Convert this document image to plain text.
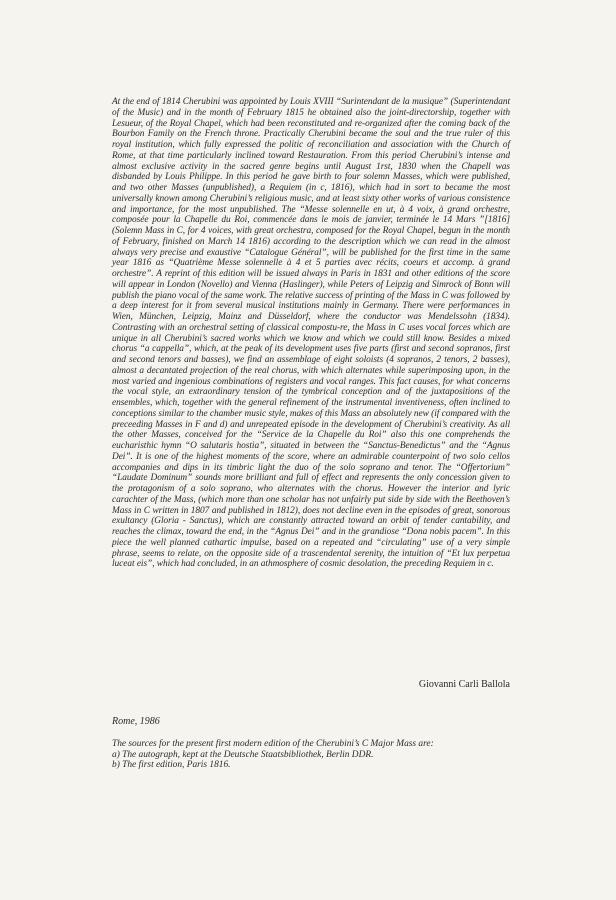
At the end of 1814 Cherubini was appointed by Louis XVIII “Surintendant de la musique” (Superintendant of the Music) and in the month of February 1815 he obtained also the joint-directorship, together with Lesueur, of the Royal Chapel, which had been reconstituted and re-organized after the coming back of the Bourbon Family on the French throne. Practically Cherubini became the soul and the true ruler of this royal institution, which fully expressed the politic of reconciliation and association with the Church of Rome, at that time particularly inclined toward Restauration. From this period Cherubini’s intense and almost exclusive activity in the sacred genre begins until August 1rst, 1830 when the Chapell was disbanded by Louis Philippe. In this period he gave birth to four solemn Masses, which were published, and two other Masses (unpublished), a Requiem (in c, 1816), which had in sort to became the most universally known among Cherubini’s religious music, and at least sixty other works of various consistence and importance, for the most unpublished. The “Messe solennelle en ut, à 4 voix, à grand orchestre, composée pour la Chapelle du Roi, commencée dans le mois de janvier, terminée le 14 Mars ”[1816] (Solemn Mass in C, for 4 voices, with great orchestra, composed for the Royal Chapel, begun in the month of February, finished on March 14 1816) according to the description which we can read in the almost always very precise and exaustive “Catalogue Général”, will be published for the first time in the same year 1816 as “Quatrième Messe solennelle à 4 et 5 parties avec récits, coeurs et accomp. à grand orchestre”. A reprint of this edition will be issued always in Paris in 1831 and other editions of the score will appear in London (Novello) and Vienna (Haslinger), while Peters of Leipzig and Simrock of Bonn will publish the piano vocal of the same work. The relative success of printing of the Mass in C was followed by a deep interest for it from several musical institutions mainly in Germany. There were performances in Wien, München, Leipzig, Mainz and Düsseldorf, where the conductor was Mendelssohn (1834). Contrasting with an orchestral setting of classical compostu-re, the Mass in C uses vocal forces which are unique in all Cherubini’s sacred works which we know and which we could still know. Besides a mixed chorus “a cappella”, which, at the peak of its development uses five parts (first and second sopranos, first and second tenors and basses), we find an assemblage of eight soloists (4 sopranos, 2 tenors, 2 basses), almost a decantated projection of the real chorus, with which alternates while superimposing upon, in the most varied and ingenious combinations of registers and vocal ranges. This fact causes, for what concerns the vocal style, an extraordinary tension of the tymbrical conception and of the juxtapositions of the ensembles, which, together with the general refinement of the instrumental inventiveness, often inclined to conceptions similar to the chamber music style, makes of this Mass an absolutely new (if compared with the preceeding Masses in F and d) and unrepeated episode in the development of Cherubini’s creativity. As all the other Masses, conceived for the “Service de la Chapelle du Roi” also this one comprehends the eucharisthic hymn “O salutaris hostia”, situated in between the “Sanctus-Benedictus” and the “Agnus Dei”. It is one of the highest moments of the score, where an admirable counterpoint of two solo cellos accompanies and dips in its timbric light the duo of the solo soprano and tenor. The “Offertorium” “Laudate Dominum” sounds more brilliant and full of effect and represents the only concession given to the protagonism of a solo soprano, who alternates with the chorus. However the interior and lyric carachter of the Mass, (which more than one scholar has not unfairly put side by side with the Beethoven’s Mass in C written in 1807 and published in 1812), does not decline even in the episodes of great, sonorous exultancy (Gloria - Sanctus), which are constantly attracted toward an orbit of tender cantability, and reaches the climax, toward the end, in the “Agnus Dei” and in the grandiose “Dona nobis pacem”. In this piece the well planned cathartic impulse, based on a repeated and “circulating” use of a very simple phrase, seems to relate, on the opposite side of a trascendental serenity, the intuition of “Et lux perpetua luceat eis”, which had concluded, in an athmosphere of cosmic desolation, the preceding Requiem in c.

Giovanni Carli Ballola

Rome, 1986

The sources for the present first modern edition of the Cherubini’s C Major Mass are:
a) The autograph, kept at the Deutsche Staatsbibliothek, Berlin DDR.
b) The first edition, Paris 1816.
